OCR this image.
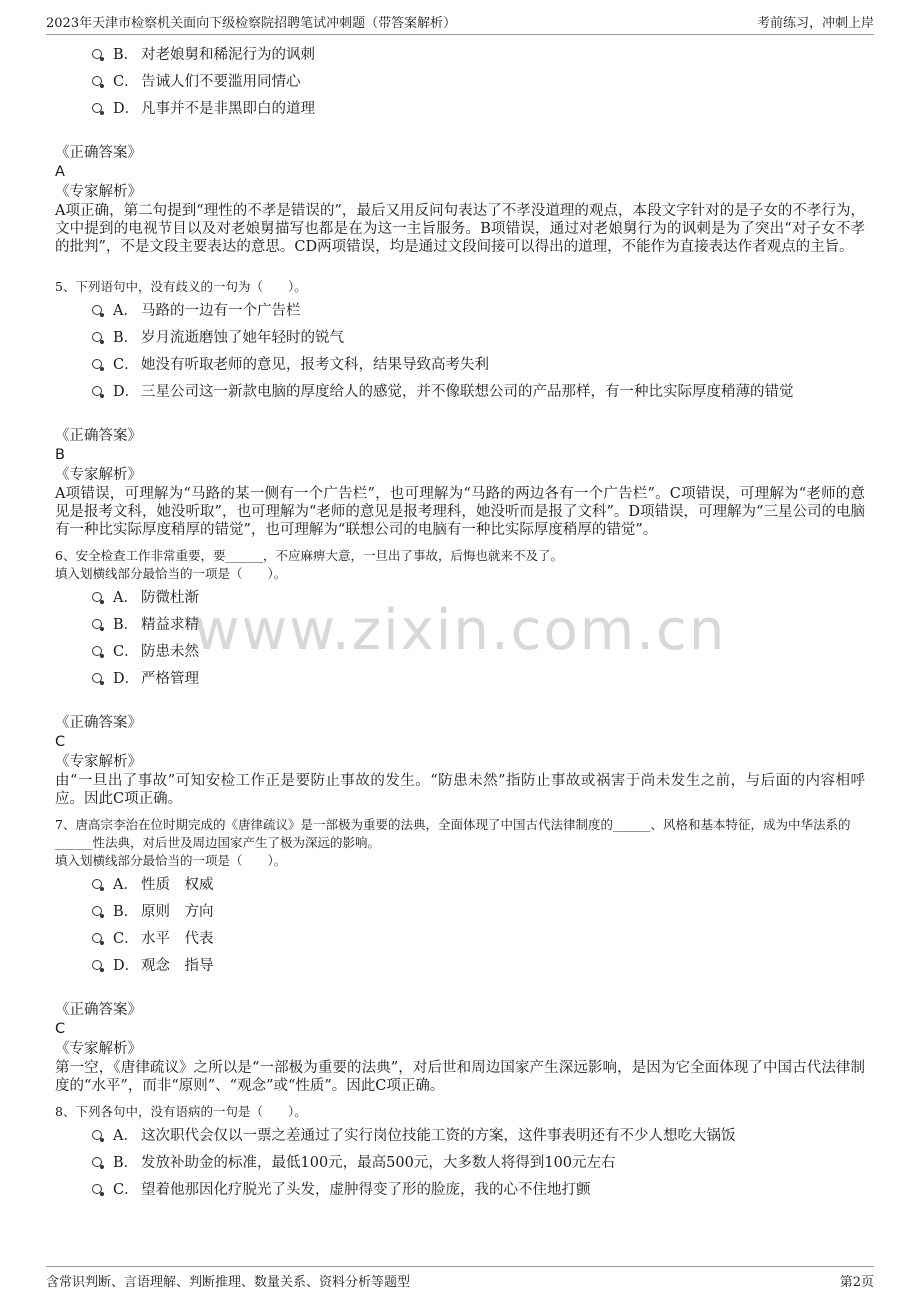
2023年天津市检察机关面向下级检察院招聘笔试冲刺题（带答案解析）	考前练习，冲刺上岸
www.zixin.com.cn
B． 对老娘舅和稀泥行为的讽刺
C． 告诫人们不要滥用同情心
D． 凡事并不是非黑即白的道理
《正确答案》
A
《专家解析》
A项正确，第二句提到“理性的不孝是错误的”，最后又用反问句表达了不孝没道理的观点，本段文字针对的是子女的不孝行为，文中提到的电视节目以及对老娘舅描写也都是在为这一主旨服务。B项错误，通过对老娘舅行为的讽刺是为了突出“对子女不孝的批判”，不是文段主要表达的意思。CD两项错误，均是通过文段间接可以得出的道理，不能作为直接表达作者观点的主旨。
5、下列语句中，没有歧义的一句为（　　）。
A． 马路的一边有一个广告栏
B． 岁月流逝磨蚀了她年轻时的锐气
C． 她没有听取老师的意见，报考文科，结果导致高考失利
D． 三星公司这一新款电脑的厚度给人的感觉，并不像联想公司的产品那样，有一种比实际厚度稍薄的错觉
《正确答案》
B
《专家解析》
A项错误，可理解为“马路的某一侧有一个广告栏”，也可理解为“马路的两边各有一个广告栏”。C项错误，可理解为“老师的意见是报考文科，她没听取”，也可理解为“老师的意见是报考理科，她没听而是报了文科”。D项错误，可理解为“三星公司的电脑有一种比实际厚度稍厚的错觉”，也可理解为“联想公司的电脑有一种比实际厚度稍厚的错觉”。
6、安全检查工作非常重要，要______，不应麻痹大意，一旦出了事故，后悔也就来不及了。
填入划横线部分最恰当的一项是（　　）。
A． 防微杜渐
B． 精益求精
C． 防患未然
D． 严格管理
《正确答案》
C
《专家解析》
由“一旦出了事故”可知安检工作正是要防止事故的发生。“防患未然”指防止事故或祸害于尚未发生之前，与后面的内容相呼应。因此C项正确。
7、唐高宗李治在位时期完成的《唐律疏议》是一部极为重要的法典，全面体现了中国古代法律制度的______、风格和基本特征，成为中华法系的______性法典，对后世及周边国家产生了极为深远的影响。
填入划横线部分最恰当的一项是（　　）。
A． 性质　权威
B． 原则　方向
C． 水平　代表
D． 观念　指导
《正确答案》
C
《专家解析》
第一空，《唐律疏议》之所以是“一部极为重要的法典”，对后世和周边国家产生深远影响，是因为它全面体现了中国古代法律制度的“水平”，而非“原则”、“观念”或“性质”。因此C项正确。
8、下列各句中，没有语病的一句是（　　）。
A． 这次职代会仅以一票之差通过了实行岗位技能工资的方案，这件事表明还有不少人想吃大锅饭
B． 发放补助金的标准，最低100元，最高500元，大多数人将得到100元左右
C． 望着他那因化疗脱光了头发，虚肿得变了形的脸庞，我的心不住地打颤
含常识判断、言语理解、判断推理、数量关系、资料分析等题型	第2页
